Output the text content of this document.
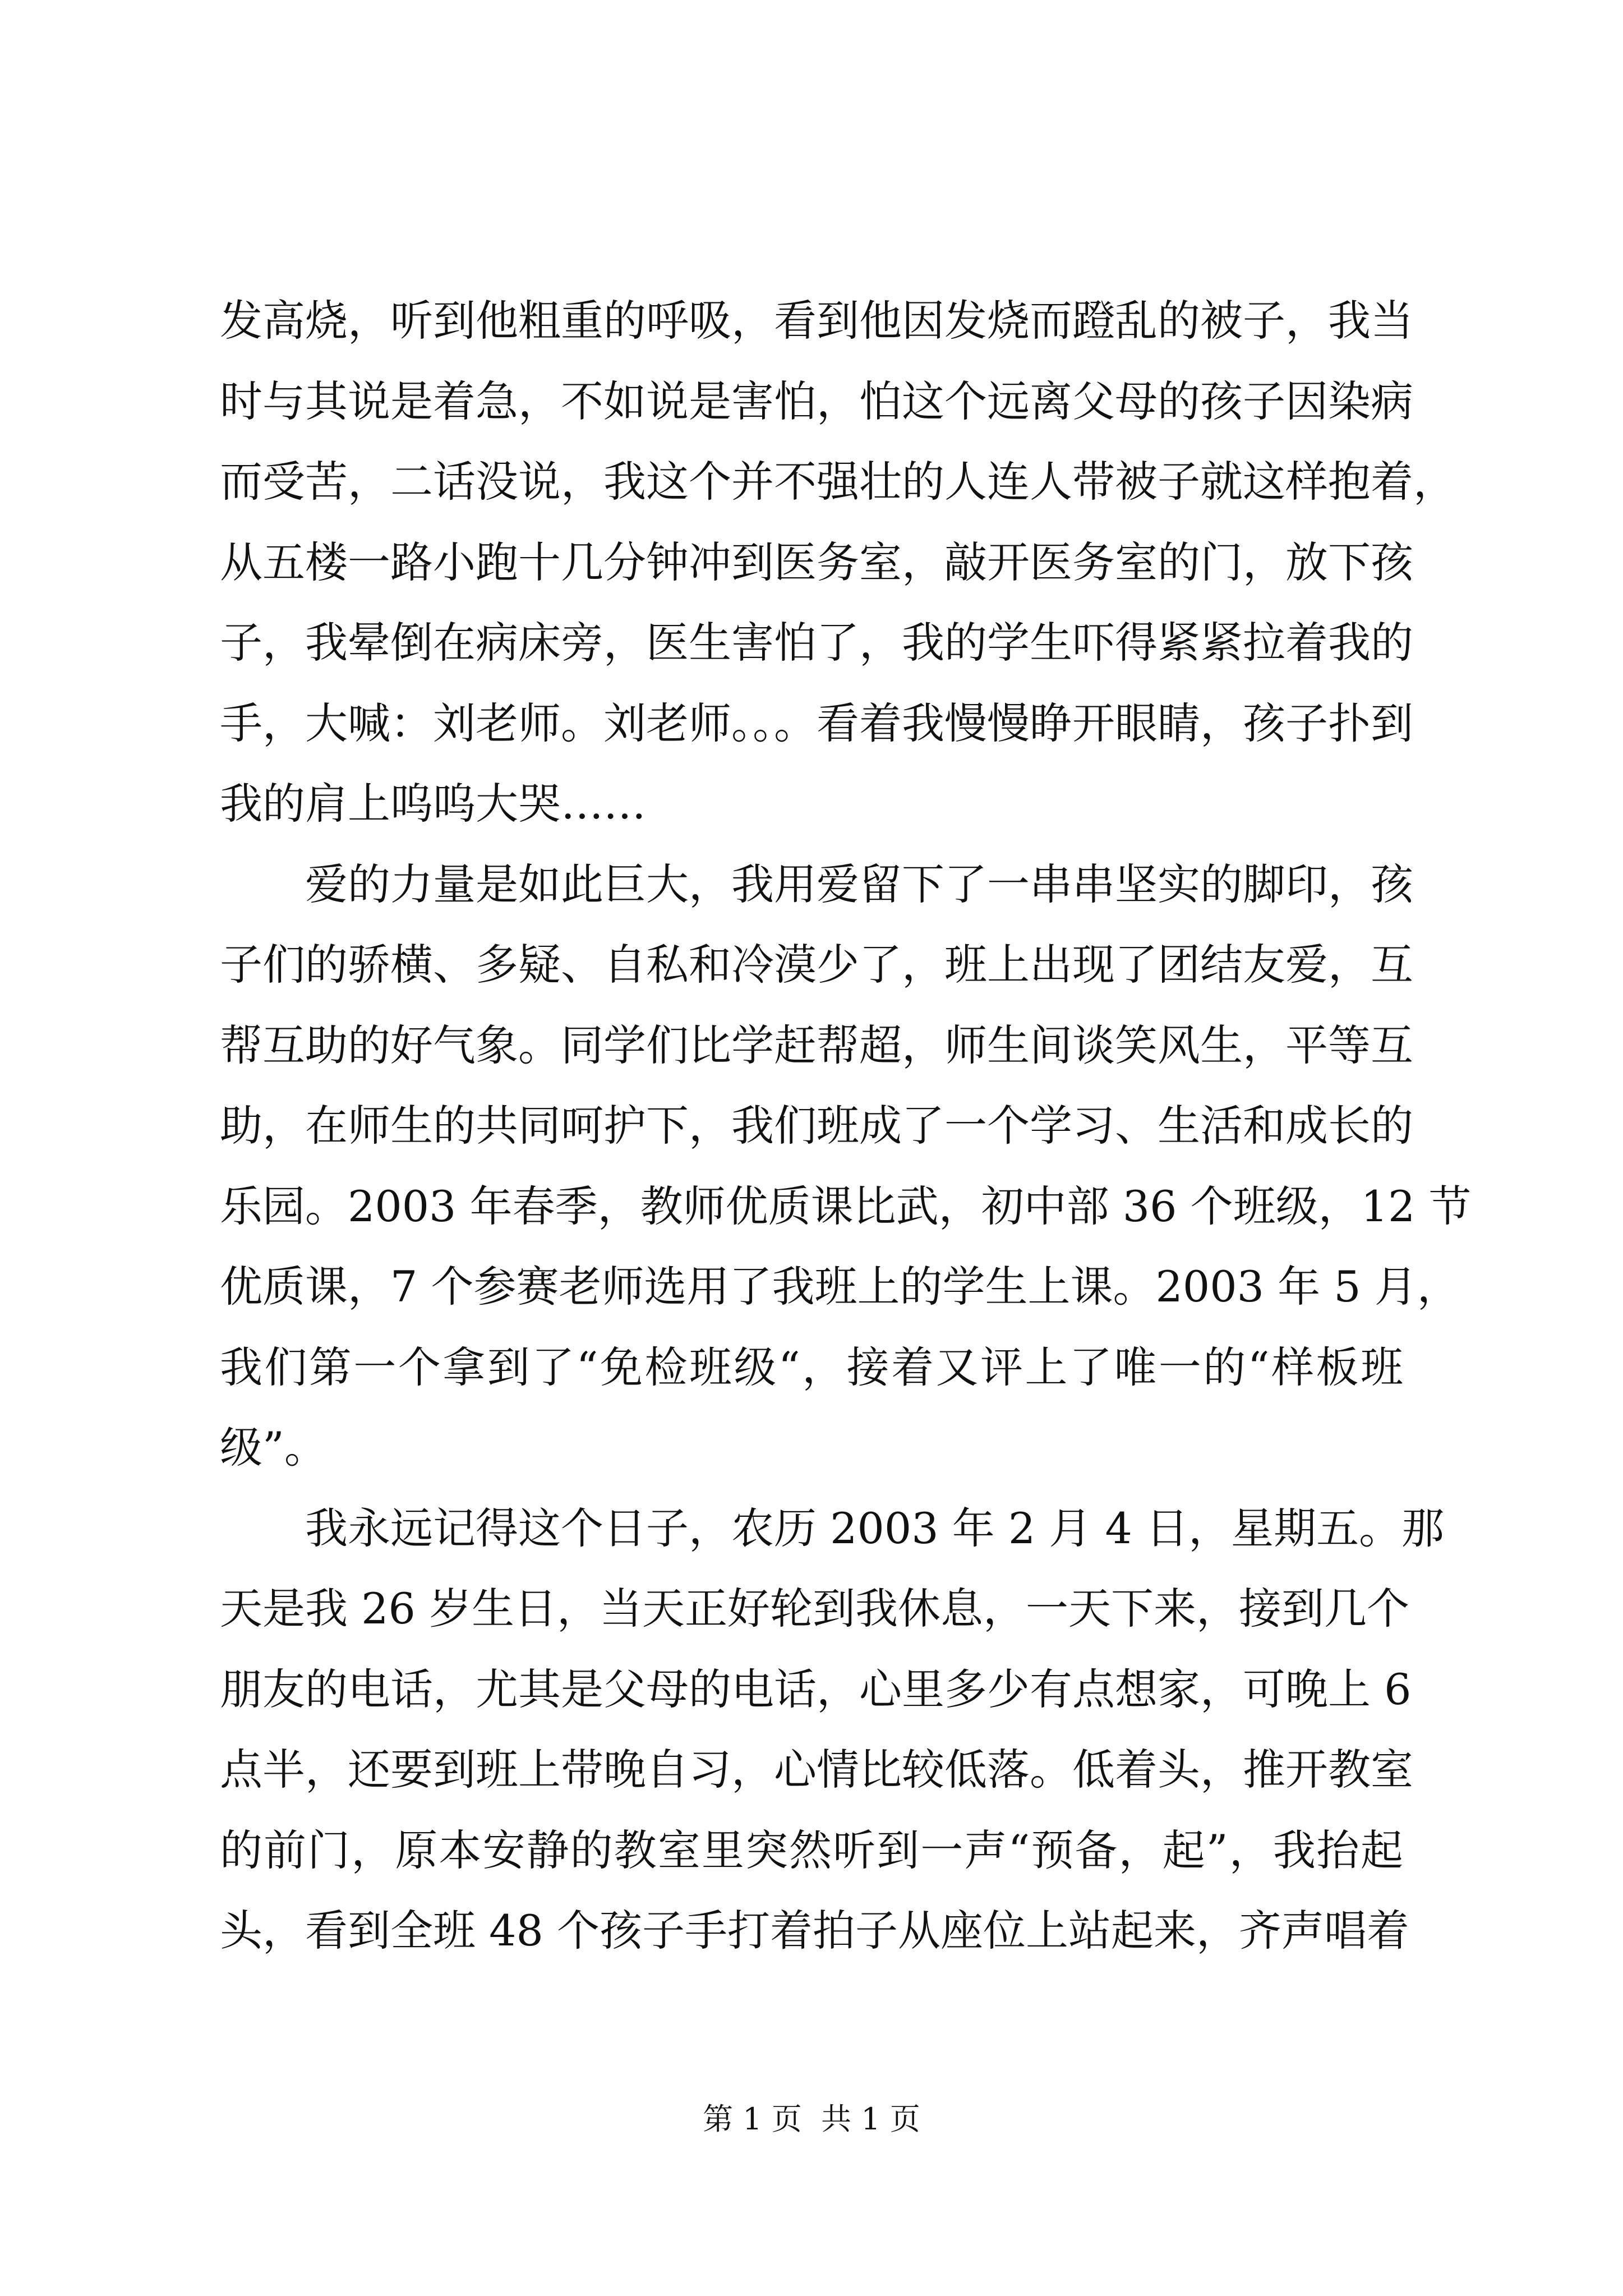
发高烧，听到他粗重的呼吸，看到他因发烧而蹬乱的被子，我当
时与其说是着急，不如说是害怕，怕这个远离父母的孩子因染病
而受苦，二话没说，我这个并不强壮的人连人带被子就这样抱着，
从五楼一路小跑十几分钟冲到医务室，敲开医务室的门，放下孩
子，我晕倒在病床旁，医生害怕了，我的学生吓得紧紧拉着我的
手，大喊：刘老师。刘老师。。。看着我慢慢睁开眼睛，孩子扑到
我的肩上呜呜大哭……
爱的力量是如此巨大，我用爱留下了一串串坚实的脚印，孩
子们的骄横、多疑、自私和冷漠少了，班上出现了团结友爱，互
帮互助的好气象。同学们比学赶帮超，师生间谈笑风生，平等互
助，在师生的共同呵护下，我们班成了一个学习、生活和成长的
乐园。2003 年春季，教师优质课比武，初中部 36 个班级，12 节
优质课，7 个参赛老师选用了我班上的学生上课。2003 年 5 月，
我们第一个拿到了“免检班级“，接着又评上了唯一的“样板班
级”。
我永远记得这个日子，农历 2003 年 2 月 4 日，星期五。那
天是我 26 岁生日，当天正好轮到我休息，一天下来，接到几个
朋友的电话，尤其是父母的电话，心里多少有点想家，可晚上 6
点半，还要到班上带晚自习，心情比较低落。低着头，推开教室
的前门，原本安静的教室里突然听到一声“预备，起”，我抬起
头，看到全班 48 个孩子手打着拍子从座位上站起来，齐声唱着
第 1 页  共 1 页
